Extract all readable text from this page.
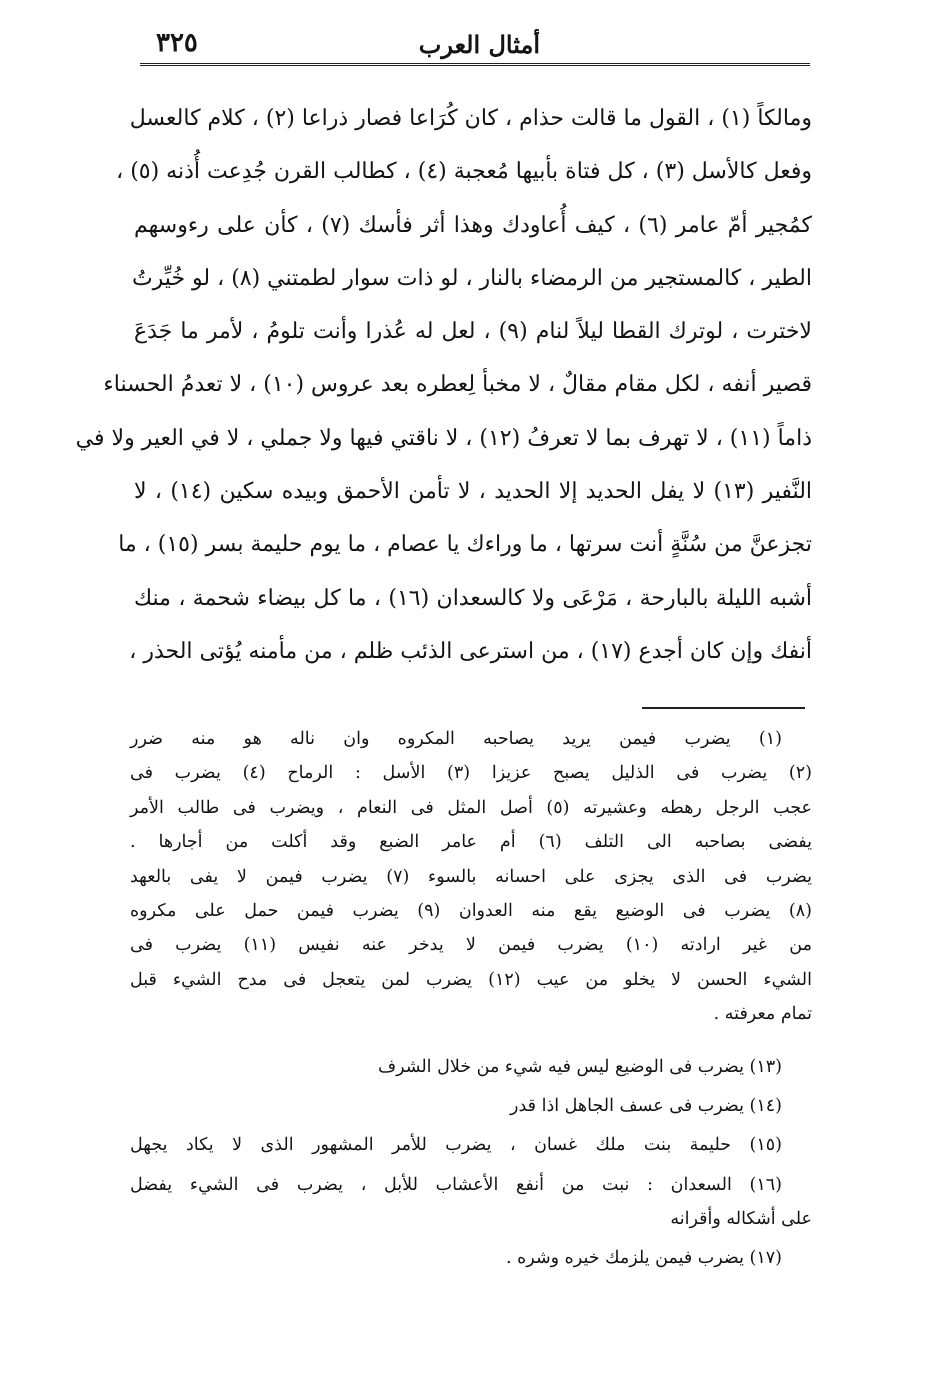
أمثال العرب
٣٢٥
ومالكاً (١) ، القول ما قالت حذام ، كان كُرَاعا فصار ذراعا (٢) ، كلام كالعسل
وفعل كالأسل (٣) ، كل فتاة بأبيها مُعجبة (٤) ، كطالب القرن جُدِعت أُذنه (٥) ،
كمُجير أمّ عامر (٦) ، كيف أُعاودك وهذا أثر فأسك (٧) ، كأن على رءوسهم
الطير ، كالمستجير من الرمضاء بالنار ، لو ذات سوار لطمتني (٨) ، لو خُيِّرتُ
لاخترت ، لوترك القطا ليلاً لنام (٩) ، لعل له عُذرا وأنت تلومُ ، لأمر ما جَدَعَ
قصير أنفه ، لكل مقام مقالٌ ، لا مخبأ لِعطره بعد عروس (١٠) ، لا تعدمُ الحسناء
ذاماً (١١) ، لا تهرف بما لا تعرفُ (١٢) ، لا ناقتي فيها ولا جملي ، لا في العير ولا في
النَّفير (١٣) لا يفل الحديد إلا الحديد ، لا تأمن الأحمق وبيده سكين (١٤) ، لا
تجزعنَّ من سُنَّةٍ أنت سرتها ، ما وراءك يا عصام ، ما يوم حليمة بسر (١٥) ، ما
أشبه الليلة بالبارحة ، مَرْعَى ولا كالسعدان (١٦) ، ما كل بيضاء شحمة ، منك
أنفك وإن كان أجدع (١٧) ، من استرعى الذئب ظلم ، من مأمنه يُؤتى الحذر ،
(١) يضرب فيمن يريد يصاحبه المكروه وان ناله هو منه ضرر
(٢) يضرب فى الذليل يصبح عزيزا (٣) الأسل : الرماح (٤) يضرب فى
عجب الرجل رهطه وعشيرته (٥) أصل المثل فى النعام ، ويضرب فى طالب الأمر
يفضى بصاحبه الى التلف (٦) أم عامر الضبع وقد أكلت من أجارها .
يضرب فى الذى يجزى على احسانه بالسوء (٧) يضرب فيمن لا يفى بالعهد
(٨) يضرب فى الوضيع يقع منه العدوان (٩) يضرب فيمن حمل على مكروه
من غير ارادته (١٠) يضرب فيمن لا يدخر عنه نفيس (١١) يضرب فى
الشيء الحسن لا يخلو من عيب (١٢) يضرب لمن يتعجل فى مدح الشيء قبل
تمام معرفته .
(١٣) يضرب فى الوضيع ليس فيه شيء من خلال الشرف
(١٤) يضرب فى عسف الجاهل اذا قدر
(١٥) حليمة بنت ملك غسان ، يضرب للأمر المشهور الذى لا يكاد يجهل
(١٦) السعدان : نبت من أنفع الأعشاب للأبل ، يضرب فى الشيء يفضل
على أشكاله وأقرانه
(١٧) يضرب فيمن يلزمك خيره وشره .
